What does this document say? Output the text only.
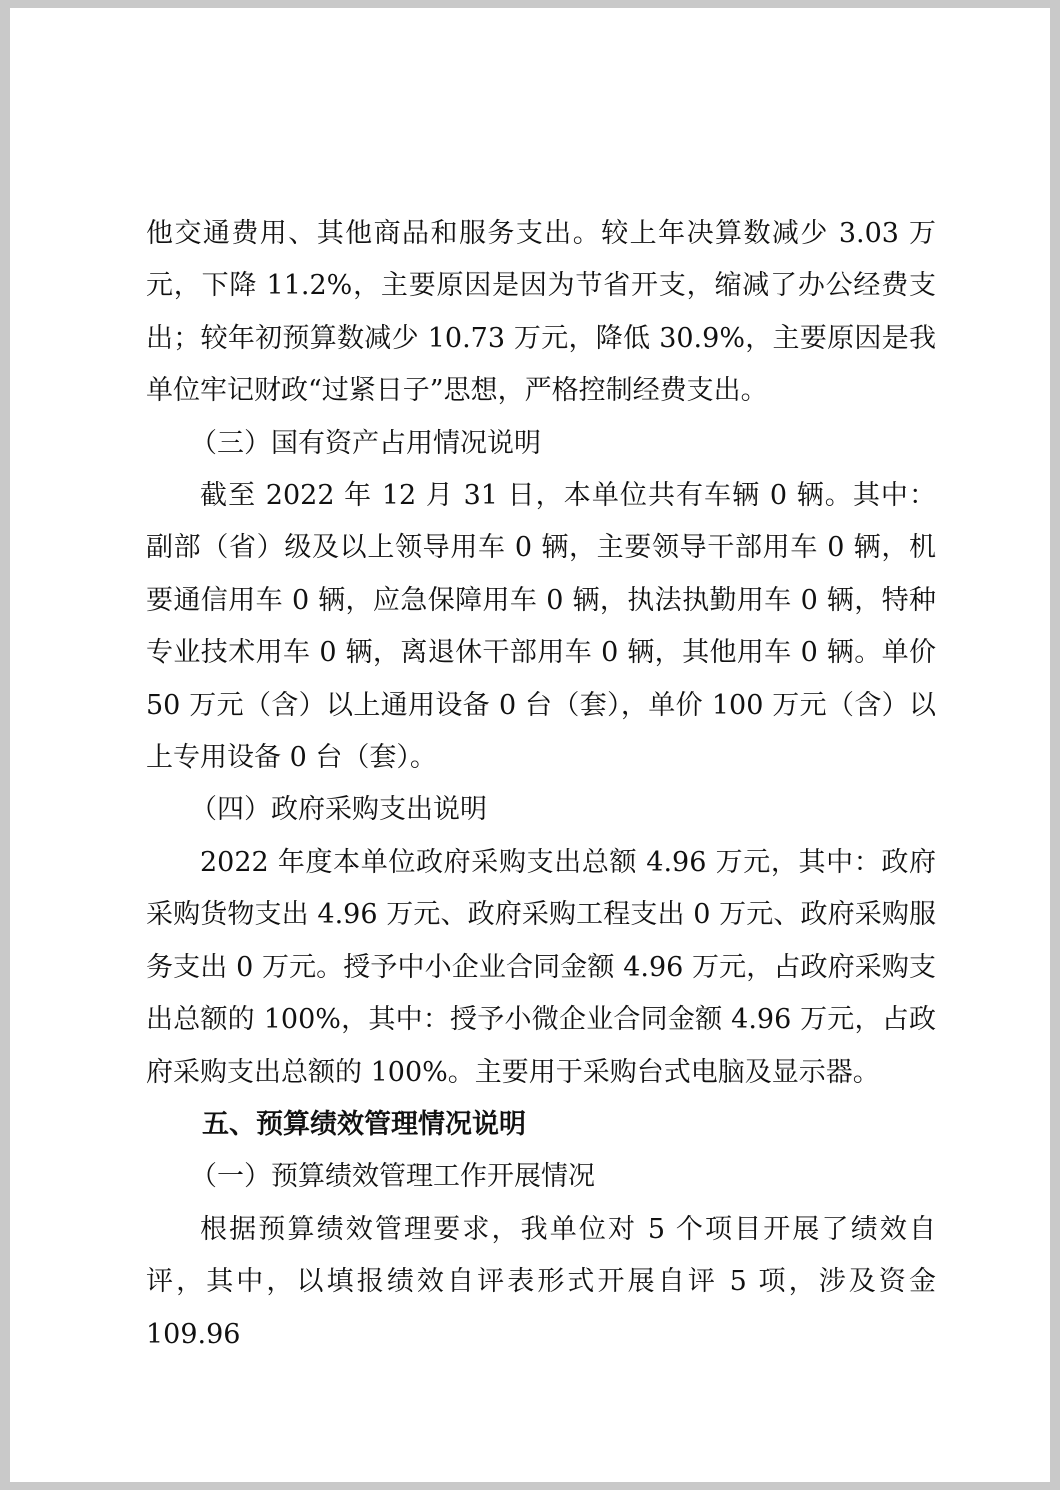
他交通费用、其他商品和服务支出。较上年决算数减少 3.03 万元，下降 11.2%，主要原因是因为节省开支，缩减了办公经费支出；较年初预算数减少 10.73 万元，降低 30.9%，主要原因是我单位牢记财政“过紧日子”思想，严格控制经费支出。

（三）国有资产占用情况说明

截至 2022 年 12 月 31 日，本单位共有车辆 0 辆。其中：副部（省）级及以上领导用车 0 辆，主要领导干部用车 0 辆，机要通信用车 0 辆，应急保障用车 0 辆，执法执勤用车 0 辆，特种专业技术用车 0 辆，离退休干部用车 0 辆，其他用车 0 辆。单价 50 万元（含）以上通用设备 0 台（套），单价 100 万元（含）以上专用设备 0 台（套）。

（四）政府采购支出说明

2022 年度本单位政府采购支出总额 4.96 万元，其中：政府采购货物支出 4.96 万元、政府采购工程支出 0 万元、政府采购服务支出 0 万元。授予中小企业合同金额 4.96 万元，占政府采购支出总额的 100%，其中：授予小微企业合同金额 4.96 万元，占政府采购支出总额的 100%。主要用于采购台式电脑及显示器。

五、预算绩效管理情况说明

（一）预算绩效管理工作开展情况

根据预算绩效管理要求，我单位对 5 个项目开展了绩效自评，其中，以填报绩效自评表形式开展自评 5 项，涉及资金 109.96
